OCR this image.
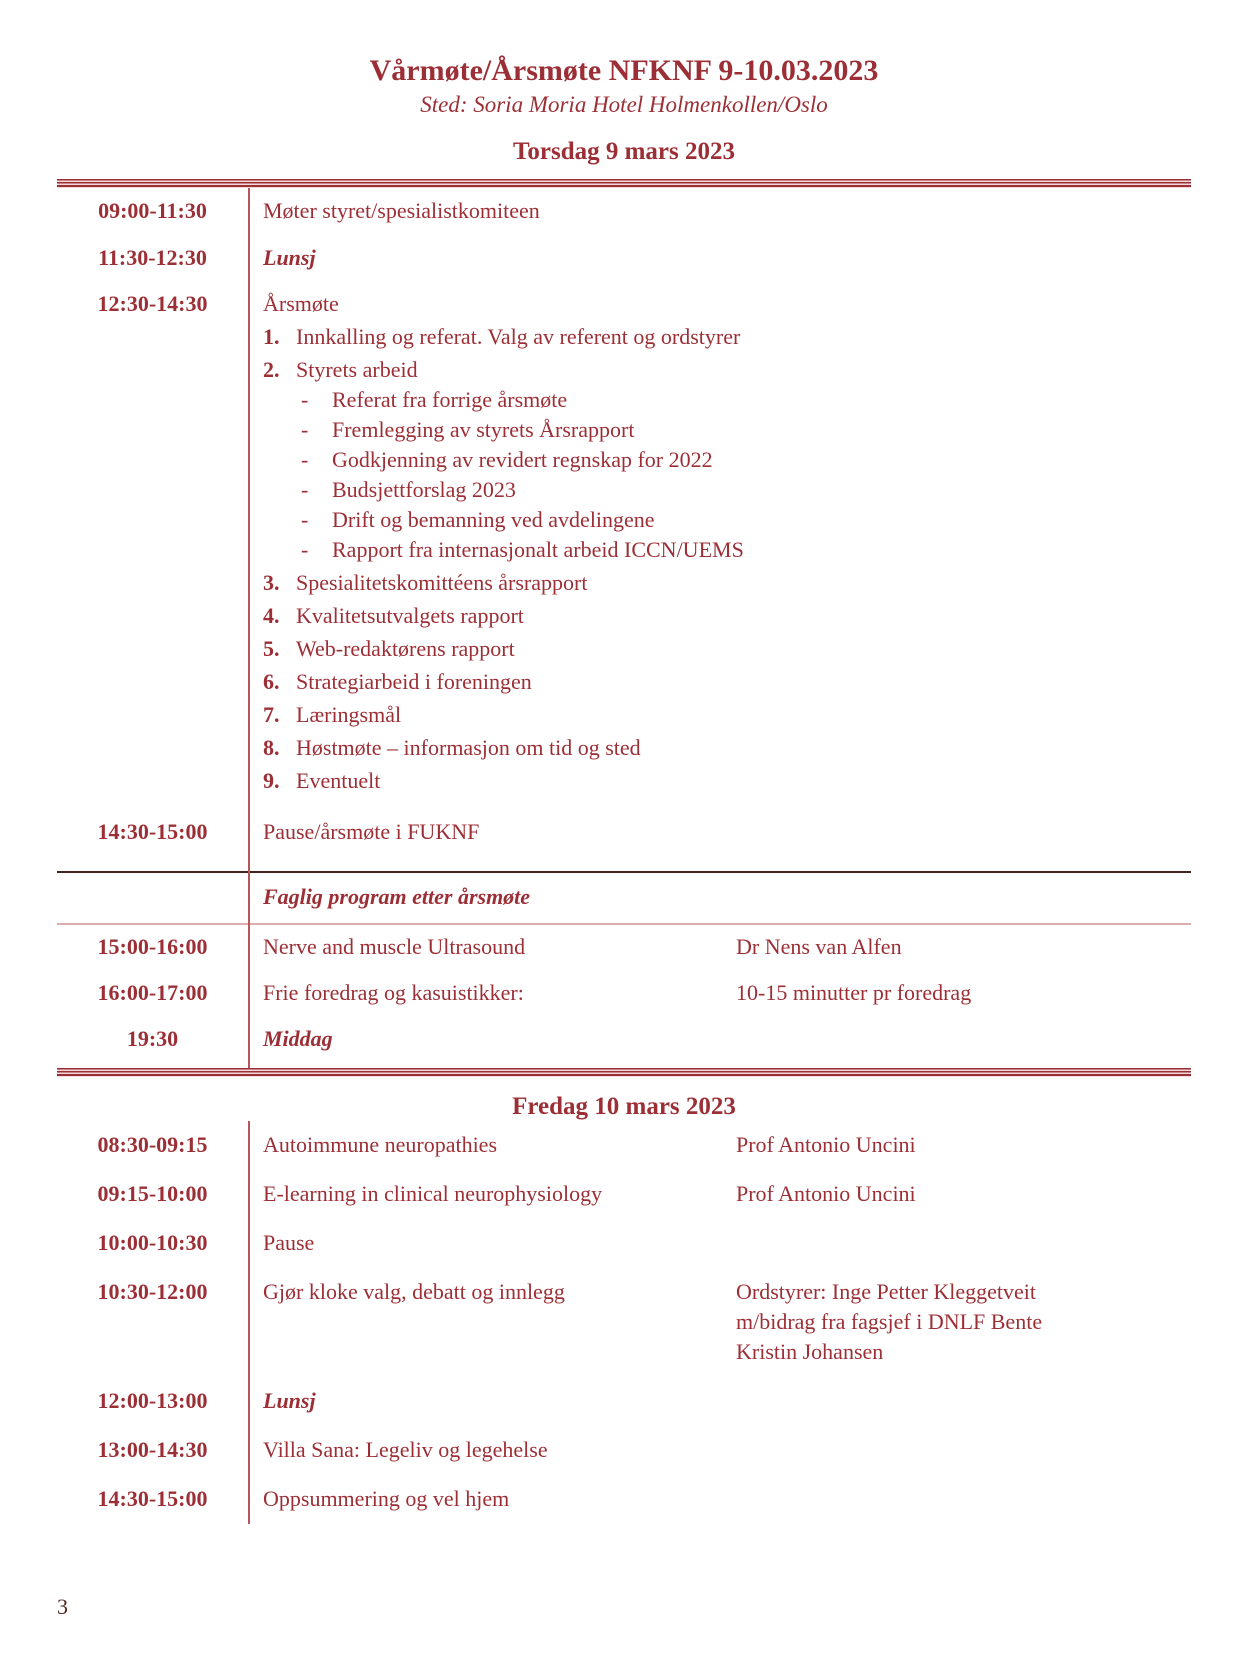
Vårmøte/Årsmøte NFKNF 9-10.03.2023
Sted: Soria Moria Hotel Holmenkollen/Oslo
Torsdag 9 mars 2023
09:00-11:30	Møter styret/spesialistkomiteen
11:30-12:30	Lunsj
12:30-14:30	Årsmøte
1. Innkalling og referat. Valg av referent og ordstyrer
2. Styrets arbeid
-	Referat fra forrige årsmøte
-	Fremlegging av styrets Årsrapport
-	Godkjenning av revidert regnskap for 2022
-	Budsjettforslag 2023
-	Drift og bemanning ved avdelingene
-	Rapport fra internasjonalt arbeid ICCN/UEMS
3. Spesialitetskomittéens årsrapport
4. Kvalitetsutvalgets rapport
5. Web-redaktørens rapport
6. Strategiarbeid i foreningen
7. Læringsmål
8. Høstmøte – informasjon om tid og sted
9. Eventuelt
14:30-15:00	Pause/årsmøte i FUKNF
Faglig program etter årsmøte
15:00-16:00	Nerve and muscle Ultrasound	Dr Nens van Alfen
16:00-17:00	Frie foredrag og kasuistikker:	10-15 minutter pr foredrag
19:30	Middag
Fredag 10 mars 2023
08:30-09:15	Autoimmune neuropathies	Prof Antonio Uncini
09:15-10:00	E-learning in clinical neurophysiology	Prof Antonio Uncini
10:00-10:30	Pause
10:30-12:00	Gjør kloke valg, debatt og innlegg	Ordstyrer: Inge Petter Kleggetveit m/bidrag fra fagsjef i DNLF Bente Kristin Johansen
12:00-13:00	Lunsj
13:00-14:30	Villa Sana: Legeliv og legehelse
14:30-15:00	Oppsummering og vel hjem
3
